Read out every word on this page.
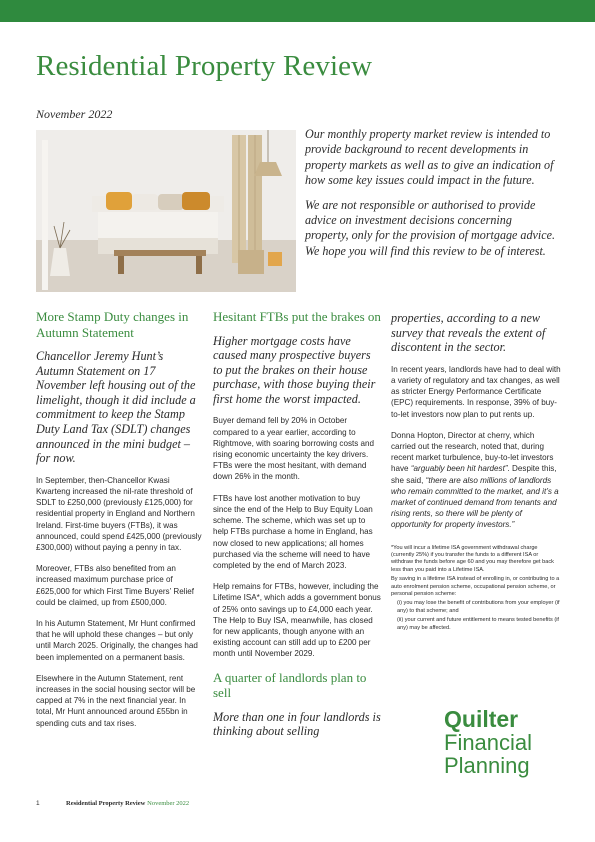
Residential Property Review
November 2022

Our monthly property market review is intended to provide background to recent developments in property markets as well as to give an indication of how some key issues could impact in the future.

We are not responsible or authorised to provide advice on investment decisions concerning property, only for the provision of mortgage advice. We hope you will find this review to be of interest.

More Stamp Duty changes in Autumn Statement

Chancellor Jeremy Hunt’s Autumn Statement on 17 November left housing out of the limelight, though it did include a commitment to keep the Stamp Duty Land Tax (SDLT) changes announced in the mini budget – for now.

In September, then-Chancellor Kwasi Kwarteng increased the nil-rate threshold of SDLT to £250,000 (previously £125,000) for residential property in England and Northern Ireland. First-time buyers (FTBs), it was announced, could spend £425,000 (previously £300,000) without paying a penny in tax.

Moreover, FTBs also benefited from an increased maximum purchase price of £625,000 for which First Time Buyers’ Relief could be claimed, up from £500,000.

In his Autumn Statement, Mr Hunt confirmed that he will uphold these changes – but only until March 2025. Originally, the changes had been implemented on a permanent basis.

Elsewhere in the Autumn Statement, rent increases in the social housing sector will be capped at 7% in the next financial year. In total, Mr Hunt announced around £55bn in spending cuts and tax rises.

Hesitant FTBs put the brakes on

Higher mortgage costs have caused many prospective buyers to put the brakes on their house purchase, with those buying their first home the worst impacted.

Buyer demand fell by 20% in October compared to a year earlier, according to Rightmove, with soaring borrowing costs and rising economic uncertainty the key drivers. FTBs were the most hesitant, with demand down 26% in the month.

FTBs have lost another motivation to buy since the end of the Help to Buy Equity Loan scheme. The scheme, which was set up to help FTBs purchase a home in England, has now closed to new applications; all homes purchased via the scheme will need to have completed by the end of March 2023.

Help remains for FTBs, however, including the Lifetime ISA*, which adds a government bonus of 25% onto savings up to £4,000 each year. The Help to Buy ISA, meanwhile, has closed for new applicants, though anyone with an existing account can still add up to £200 per month until November 2029.

A quarter of landlords plan to sell

More than one in four landlords is thinking about selling

properties, according to a new survey that reveals the extent of discontent in the sector.

In recent years, landlords have had to deal with a variety of regulatory and tax changes, as well as stricter Energy Performance Certificate (EPC) requirements. In response, 39% of buy-to-let investors now plan to put rents up.

Donna Hopton, Director at cherry, which carried out the research, noted that, during recent market turbulence, buy-to-let investors have “arguably been hit hardest”. Despite this, she said, “there are also millions of landlords who remain committed to the market, and it’s a market of continued demand from tenants and rising rents, so there will be plenty of opportunity for property investors.”

*You will incur a lifetime ISA government withdrawal charge (currently 25%) if you transfer the funds to a different ISA or withdraw the funds before age 60 and you may therefore get back less than you paid into a Lifetime ISA.

By saving in a lifetime ISA instead of enrolling in, or contributing to a auto enrolment pension scheme, occupational pension scheme, or personal pension scheme:

(i) you may lose the benefit of contributions from your employer (if any) to that scheme; and

(ii) your current and future entitlement to means tested benefits (if any) may be affected.

Quilter
Financial
Planning
1	Residential Property Review November 2022
